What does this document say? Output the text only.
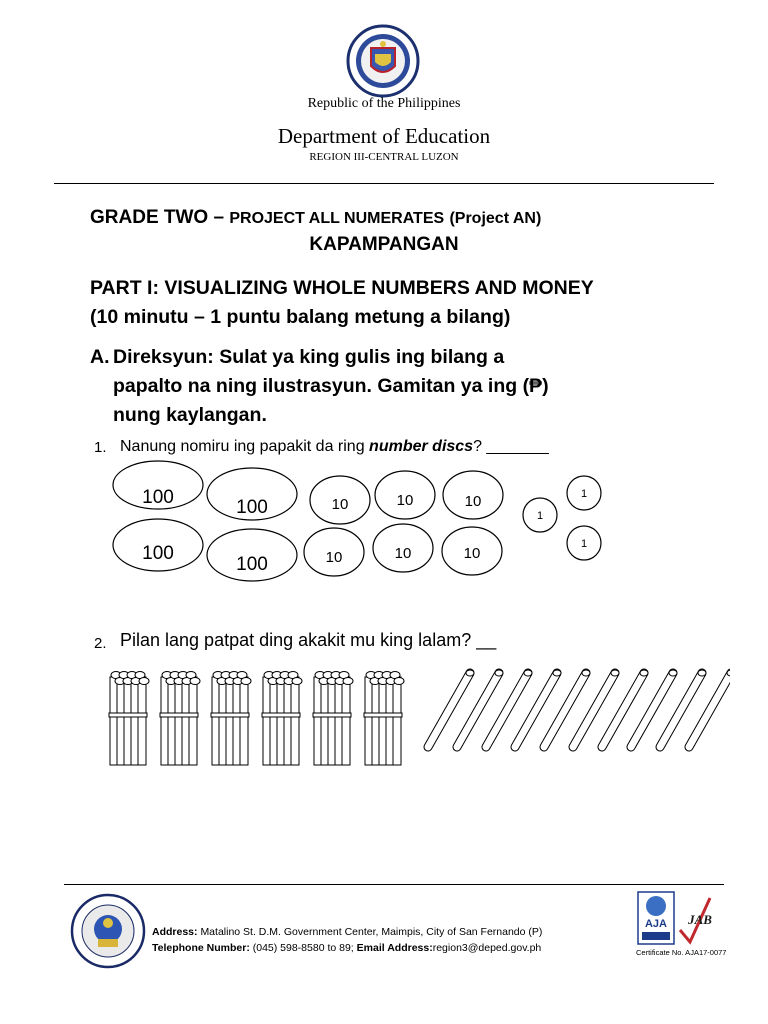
Republic of the Philippines
Department of Education
REGION III-CENTRAL LUZON
GRADE TWO – PROJECT ALL NUMERATES (Project AN)
KAPAMPANGAN
PART I: VISUALIZING WHOLE NUMBERS AND MONEY
(10 minutu – 1 puntu balang metung a bilang)
A. Direksyun: Sulat ya king gulis ing bilang a
papalto na ning ilustrasyun. Gamitan ya ing (₱)
nung kaylangan.
1. Nanung nomiru ing papakit da ring number discs? _______
100	100	10	10	10
100
100	10	10	10
1
1
1
2. Pilan lang patpat ding akakit mu king lalam? __
Address: Matalino St. D.M. Government Center, Maimpis, City of San Fernando (P)
Telephone Number: (045) 598-8580 to 89; Email Address:region3@deped.gov.ph
AJA JAB
Certificate No. AJA17-0077
